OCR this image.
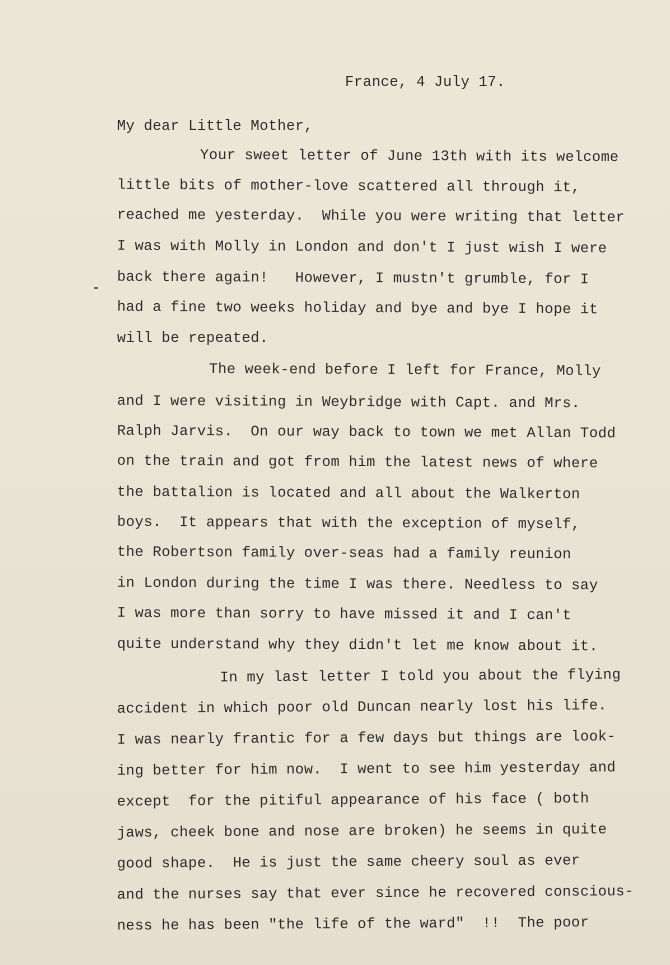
France, 4 July 17.
My dear Little Mother,
Your sweet letter of June 13th with its welcome
little bits of mother-love scattered all through it,
reached me yesterday.  While you were writing that letter
I was with Molly in London and don't I just wish I were
back there again!   However, I mustn't grumble, for I
had a fine two weeks holiday and bye and bye I hope it
will be repeated.
The week-end before I left for France, Molly
and I were visiting in Weybridge with Capt. and Mrs.
Ralph Jarvis.  On our way back to town we met Allan Todd
on the train and got from him the latest news of where
the battalion is located and all about the Walkerton
boys.  It appears that with the exception of myself,
the Robertson family over-seas had a family reunion
in London during the time I was there. Needless to say
I was more than sorry to have missed it and I can't
quite understand why they didn't let me know about it.
In my last letter I told you about the flying
accident in which poor old Duncan nearly lost his life.
I was nearly frantic for a few days but things are look-
ing better for him now.  I went to see him yesterday and
except  for the pitiful appearance of his face ( both
jaws, cheek bone and nose are broken) he seems in quite
good shape.  He is just the same cheery soul as ever
and the nurses say that ever since he recovered conscious-
ness he has been "the life of the ward"  !!  The poor
